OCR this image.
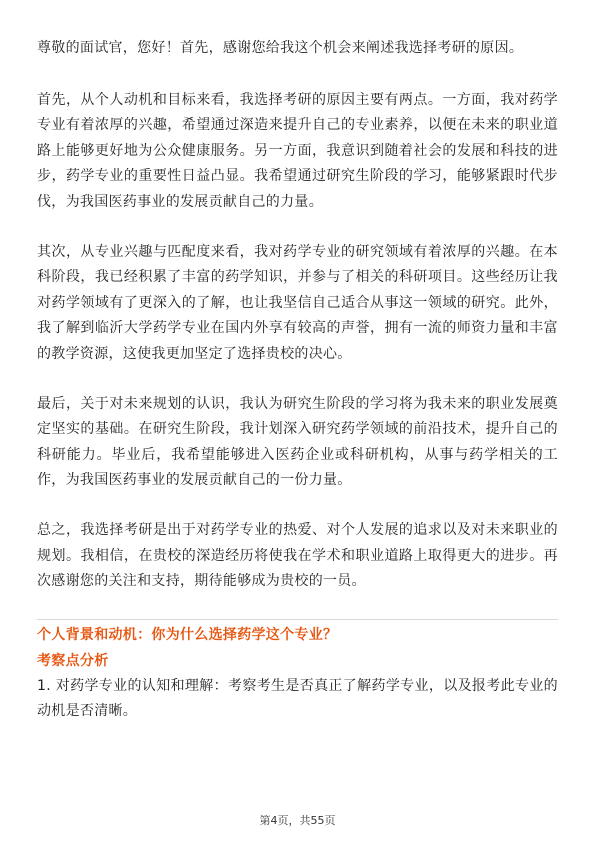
尊敬的面试官，您好！首先，感谢您给我这个机会来阐述我选择考研的原因。

首先，从个人动机和目标来看，我选择考研的原因主要有两点。一方面，我对药学专业有着浓厚的兴趣，希望通过深造来提升自己的专业素养，以便在未来的职业道路上能够更好地为公众健康服务。另一方面，我意识到随着社会的发展和科技的进步，药学专业的重要性日益凸显。我希望通过研究生阶段的学习，能够紧跟时代步伐，为我国医药事业的发展贡献自己的力量。

其次，从专业兴趣与匹配度来看，我对药学专业的研究领域有着浓厚的兴趣。在本科阶段，我已经积累了丰富的药学知识，并参与了相关的科研项目。这些经历让我对药学领域有了更深入的了解，也让我坚信自己适合从事这一领域的研究。此外，我了解到临沂大学药学专业在国内外享有较高的声誉，拥有一流的师资力量和丰富的教学资源，这使我更加坚定了选择贵校的决心。

最后，关于对未来规划的认识，我认为研究生阶段的学习将为我未来的职业发展奠定坚实的基础。在研究生阶段，我计划深入研究药学领域的前沿技术，提升自己的科研能力。毕业后，我希望能够进入医药企业或科研机构，从事与药学相关的工作，为我国医药事业的发展贡献自己的一份力量。

总之，我选择考研是出于对药学专业的热爱、对个人发展的追求以及对未来职业的规划。我相信，在贵校的深造经历将使我在学术和职业道路上取得更大的进步。再次感谢您的关注和支持，期待能够成为贵校的一员。

个人背景和动机：你为什么选择药学这个专业？
考察点分析

1. 对药学专业的认知和理解：考察考生是否真正了解药学专业，以及报考此专业的动机是否清晰。

第4页，共55页
